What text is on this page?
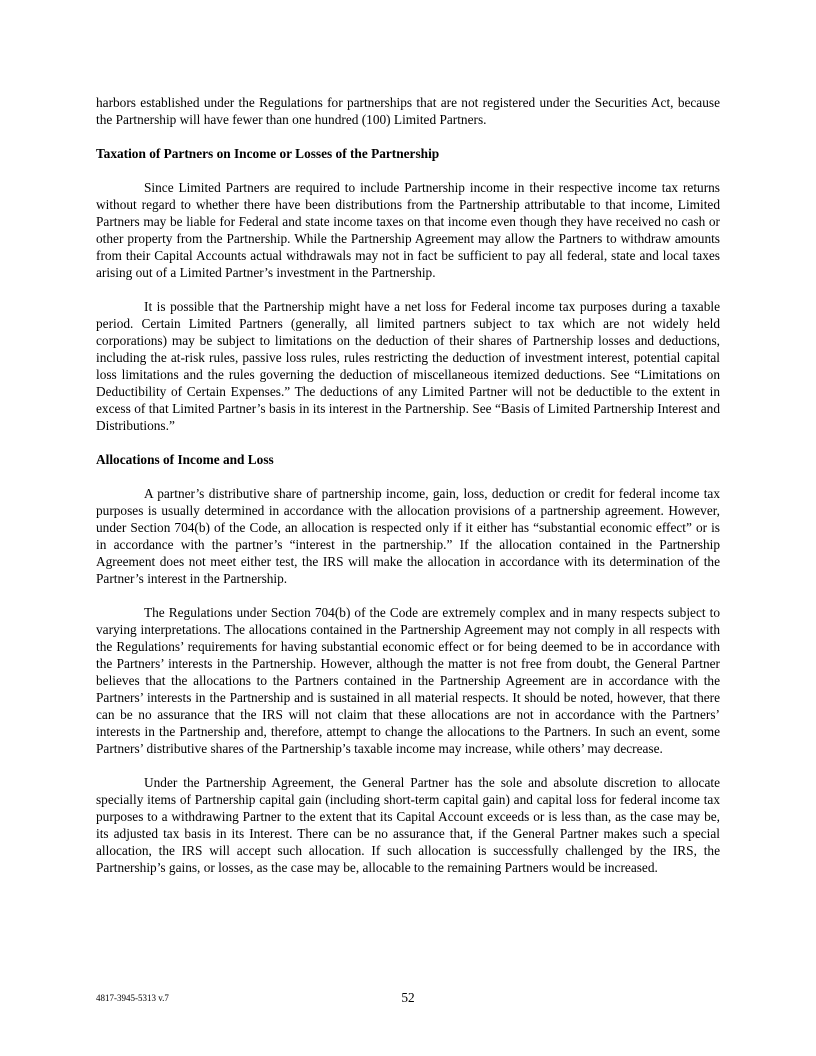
harbors established under the Regulations for partnerships that are not registered under the Securities Act, because the Partnership will have fewer than one hundred (100) Limited Partners.

Taxation of Partners on Income or Losses of the Partnership

Since Limited Partners are required to include Partnership income in their respective income tax returns without regard to whether there have been distributions from the Partnership attributable to that income, Limited Partners may be liable for Federal and state income taxes on that income even though they have received no cash or other property from the Partnership. While the Partnership Agreement may allow the Partners to withdraw amounts from their Capital Accounts actual withdrawals may not in fact be sufficient to pay all federal, state and local taxes arising out of a Limited Partner’s investment in the Partnership.

It is possible that the Partnership might have a net loss for Federal income tax purposes during a taxable period. Certain Limited Partners (generally, all limited partners subject to tax which are not widely held corporations) may be subject to limitations on the deduction of their shares of Partnership losses and deductions, including the at-risk rules, passive loss rules, rules restricting the deduction of investment interest, potential capital loss limitations and the rules governing the deduction of miscellaneous itemized deductions. See “Limitations on Deductibility of Certain Expenses.” The deductions of any Limited Partner will not be deductible to the extent in excess of that Limited Partner’s basis in its interest in the Partnership. See “Basis of Limited Partnership Interest and Distributions.”

Allocations of Income and Loss

A partner’s distributive share of partnership income, gain, loss, deduction or credit for federal income tax purposes is usually determined in accordance with the allocation provisions of a partnership agreement. However, under Section 704(b) of the Code, an allocation is respected only if it either has “substantial economic effect” or is in accordance with the partner’s “interest in the partnership.” If the allocation contained in the Partnership Agreement does not meet either test, the IRS will make the allocation in accordance with its determination of the Partner’s interest in the Partnership.

The Regulations under Section 704(b) of the Code are extremely complex and in many respects subject to varying interpretations. The allocations contained in the Partnership Agreement may not comply in all respects with the Regulations’ requirements for having substantial economic effect or for being deemed to be in accordance with the Partners’ interests in the Partnership. However, although the matter is not free from doubt, the General Partner believes that the allocations to the Partners contained in the Partnership Agreement are in accordance with the Partners’ interests in the Partnership and is sustained in all material respects. It should be noted, however, that there can be no assurance that the IRS will not claim that these allocations are not in accordance with the Partners’ interests in the Partnership and, therefore, attempt to change the allocations to the Partners. In such an event, some Partners’ distributive shares of the Partnership’s taxable income may increase, while others’ may decrease.

Under the Partnership Agreement, the General Partner has the sole and absolute discretion to allocate specially items of Partnership capital gain (including short-term capital gain) and capital loss for federal income tax purposes to a withdrawing Partner to the extent that its Capital Account exceeds or is less than, as the case may be, its adjusted tax basis in its Interest. There can be no assurance that, if the General Partner makes such a special allocation, the IRS will accept such allocation. If such allocation is successfully challenged by the IRS, the Partnership’s gains, or losses, as the case may be, allocable to the remaining Partners would be increased.

4817-3945-5313 v.7	52
